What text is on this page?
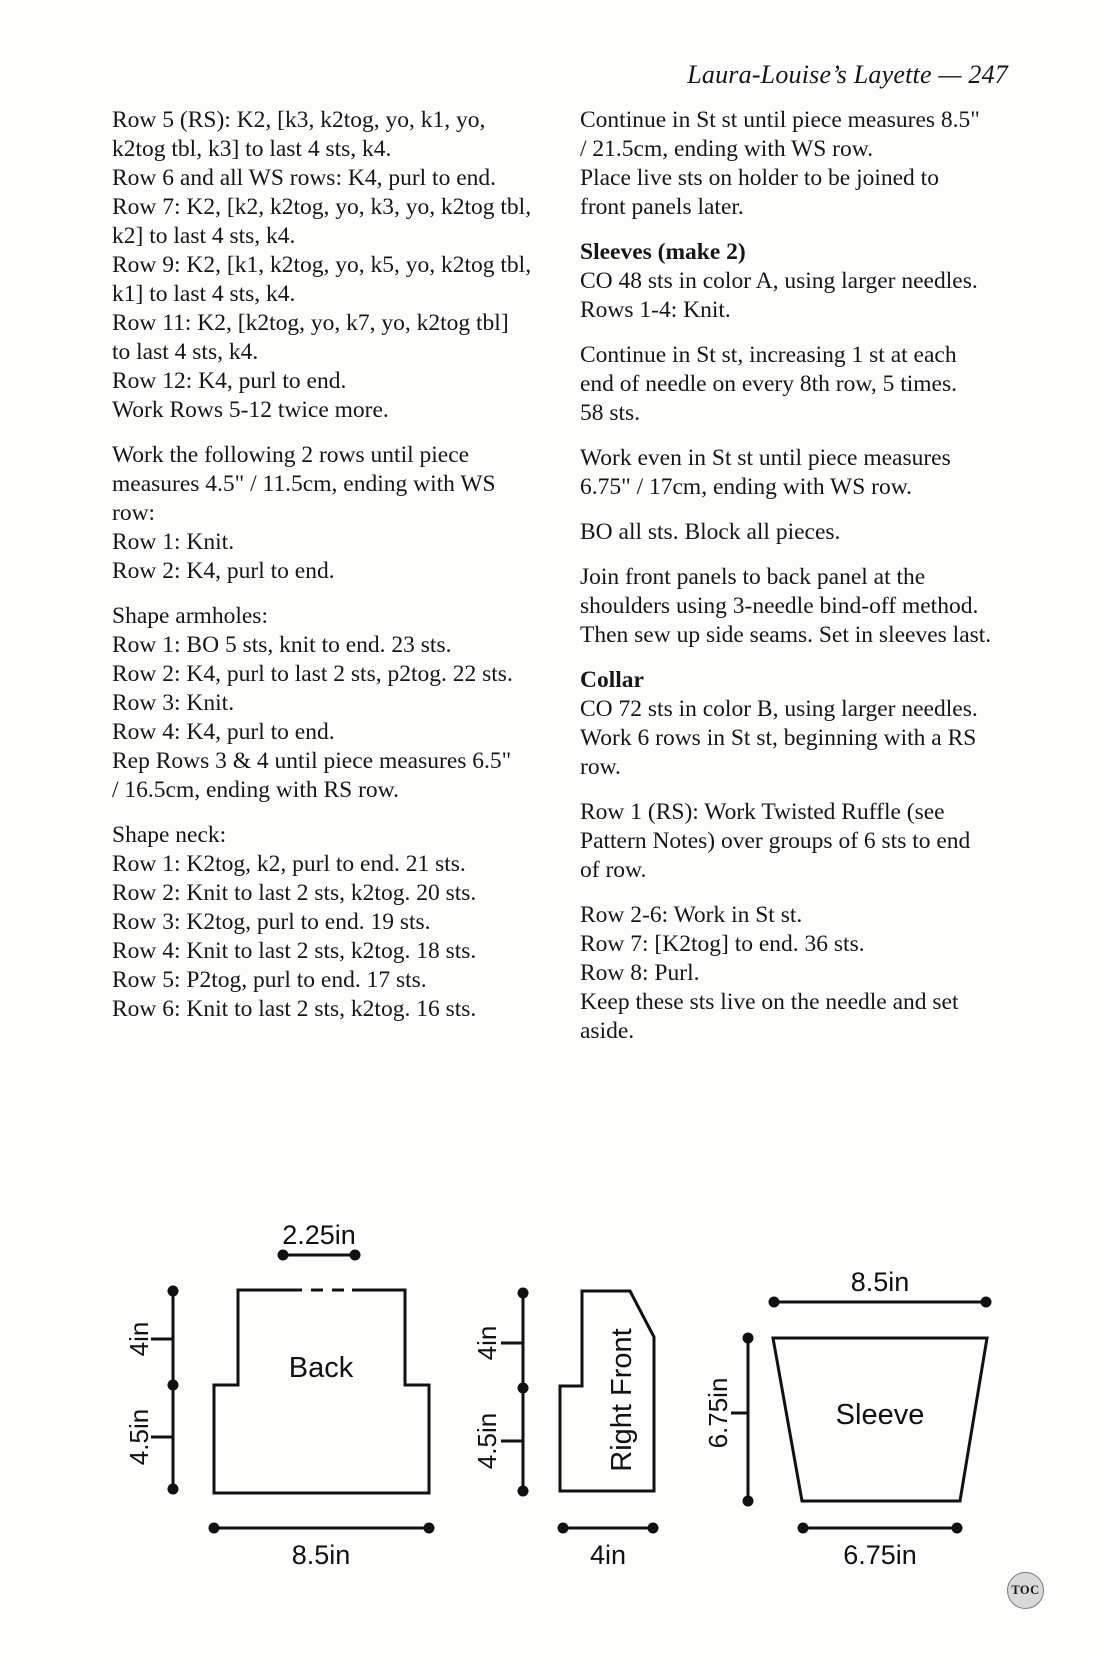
Laura-Louise’s Layette — 247
Row 5 (RS): K2, [k3, k2tog, yo, k1, yo,
k2tog tbl, k3] to last 4 sts, k4.
Row 6 and all WS rows: K4, purl to end.
Row 7: K2, [k2, k2tog, yo, k3, yo, k2tog tbl,
k2] to last 4 sts, k4.
Row 9: K2, [k1, k2tog, yo, k5, yo, k2tog tbl,
k1] to last 4 sts, k4.
Row 11: K2, [k2tog, yo, k7, yo, k2tog tbl]
to last 4 sts, k4.
Row 12: K4, purl to end.
Work Rows 5-12 twice more.
Work the following 2 rows until piece
measures 4.5" / 11.5cm, ending with WS
row:
Row 1: Knit.
Row 2: K4, purl to end.
Shape armholes:
Row 1: BO 5 sts, knit to end. 23 sts.
Row 2: K4, purl to last 2 sts, p2tog. 22 sts.
Row 3: Knit.
Row 4: K4, purl to end.
Rep Rows 3 & 4 until piece measures 6.5"
/ 16.5cm, ending with RS row.
Shape neck:
Row 1: K2tog, k2, purl to end. 21 sts.
Row 2: Knit to last 2 sts, k2tog. 20 sts.
Row 3: K2tog, purl to end. 19 sts.
Row 4: Knit to last 2 sts, k2tog. 18 sts.
Row 5: P2tog, purl to end. 17 sts.
Row 6: Knit to last 2 sts, k2tog. 16 sts.
Continue in St st until piece measures 8.5"
/ 21.5cm, ending with WS row.
Place live sts on holder to be joined to
front panels later.
Sleeves (make 2)
CO 48 sts in color A, using larger needles.
Rows 1-4: Knit.
Continue in St st, increasing 1 st at each
end of needle on every 8th row, 5 times.
58 sts.
Work even in St st until piece measures
6.75" / 17cm, ending with WS row.
BO all sts. Block all pieces.
Join front panels to back panel at the
shoulders using 3-needle bind-off method.
Then sew up side seams. Set in sleeves last.
Collar
CO 72 sts in color B, using larger needles.
Work 6 rows in St st, beginning with a RS
row.
Row 1 (RS): Work Twisted Ruffle (see
Pattern Notes) over groups of 6 sts to end
of row.
Row 2-6: Work in St st.
Row 7: [K2tog] to end. 36 sts.
Row 8: Purl.
Keep these sts live on the needle and set
aside.
2.25in
Back
4in
4.5in
8.5in
4in
4.5in	Right Front
4in
8.5in
6.75in	Sleeve
6.75in
TOC
